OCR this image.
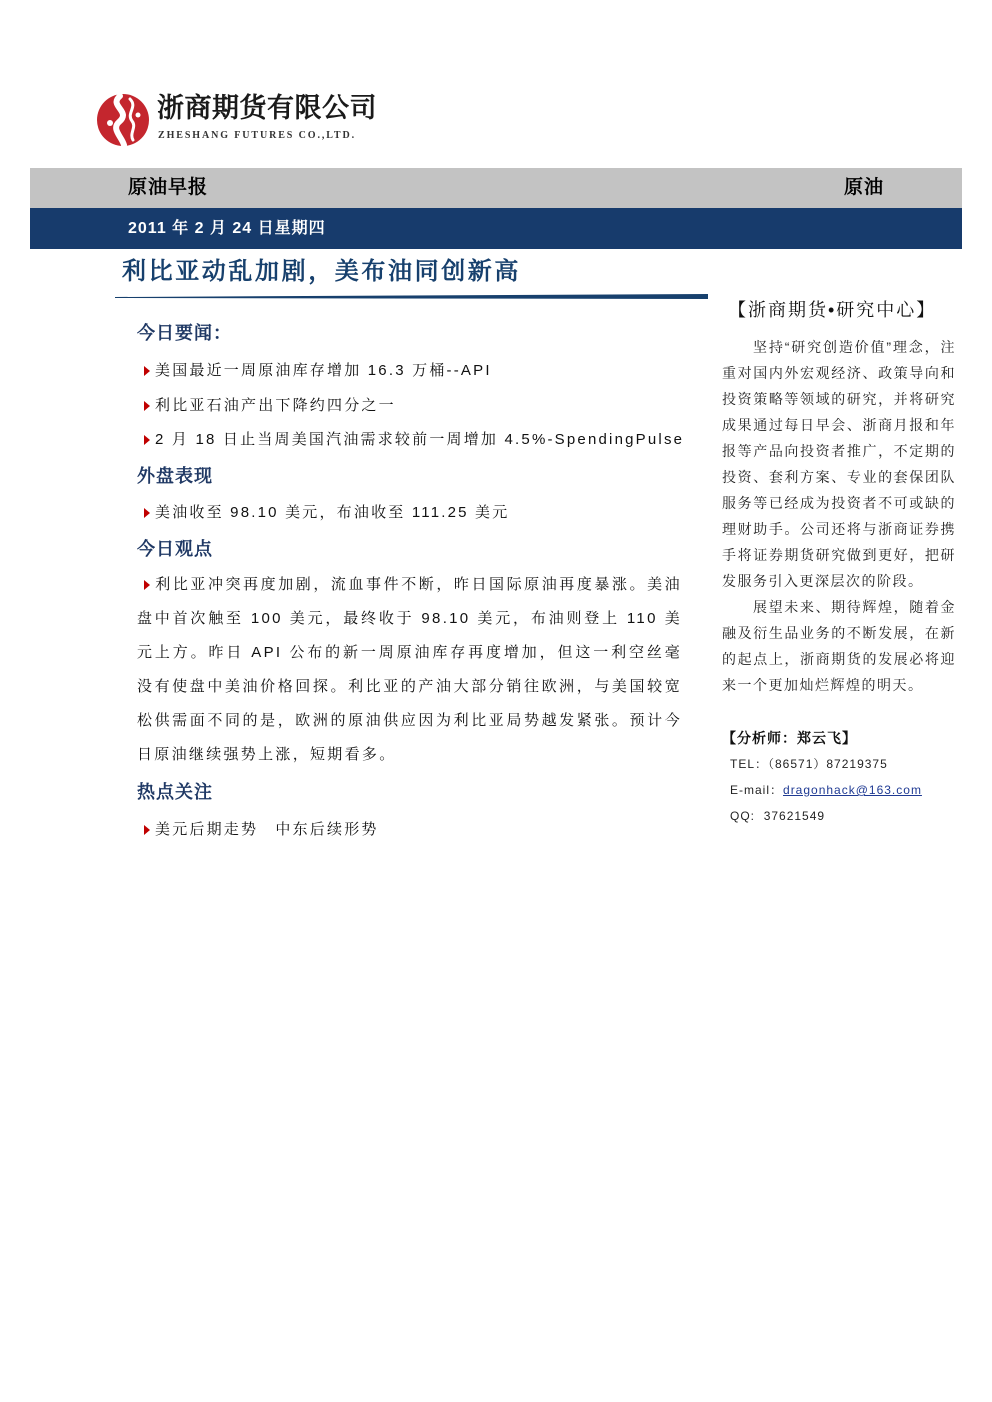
浙商期货有限公司
ZHESHANG FUTURES CO.,LTD.
原油早报	原油
2011 年 2 月 24 日星期四
利比亚动乱加剧，美布油同创新高
今日要闻：
美国最近一周原油库存增加 16.3 万桶--API
利比亚石油产出下降约四分之一
2 月 18 日止当周美国汽油需求较前一周增加 4.5%-SpendingPulse
外盘表现
美油收至 98.10 美元，布油收至 111.25 美元
今日观点
利比亚冲突再度加剧，流血事件不断，昨日国际原油再度暴涨。美油盘中首次触至 100 美元，最终收于 98.10 美元，布油则登上 110 美元上方。昨日 API 公布的新一周原油库存再度增加，但这一利空丝毫没有使盘中美油价格回探。利比亚的产油大部分销往欧洲，与美国较宽松供需面不同的是，欧洲的原油供应因为利比亚局势越发紧张。预计今日原油继续强势上涨，短期看多。
热点关注
美元后期走势　中东后续形势
【浙商期货•研究中心】

坚持“研究创造价值”理念，注重对国内外宏观经济、政策导向和投资策略等领域的研究，并将研究成果通过每日早会、浙商月报和年报等产品向投资者推广，不定期的投资、套利方案、专业的套保团队服务等已经成为投资者不可或缺的理财助手。公司还将与浙商证券携手将证券期货研究做到更好，把研发服务引入更深层次的阶段。

展望未来、期待辉煌，随着金融及衍生品业务的不断发展，在新的起点上，浙商期货的发展必将迎来一个更加灿烂辉煌的明天。

【分析师：郑云飞】
TEL：（86571）87219375
E-mail：dragonhack@163.com
QQ: 37621549
